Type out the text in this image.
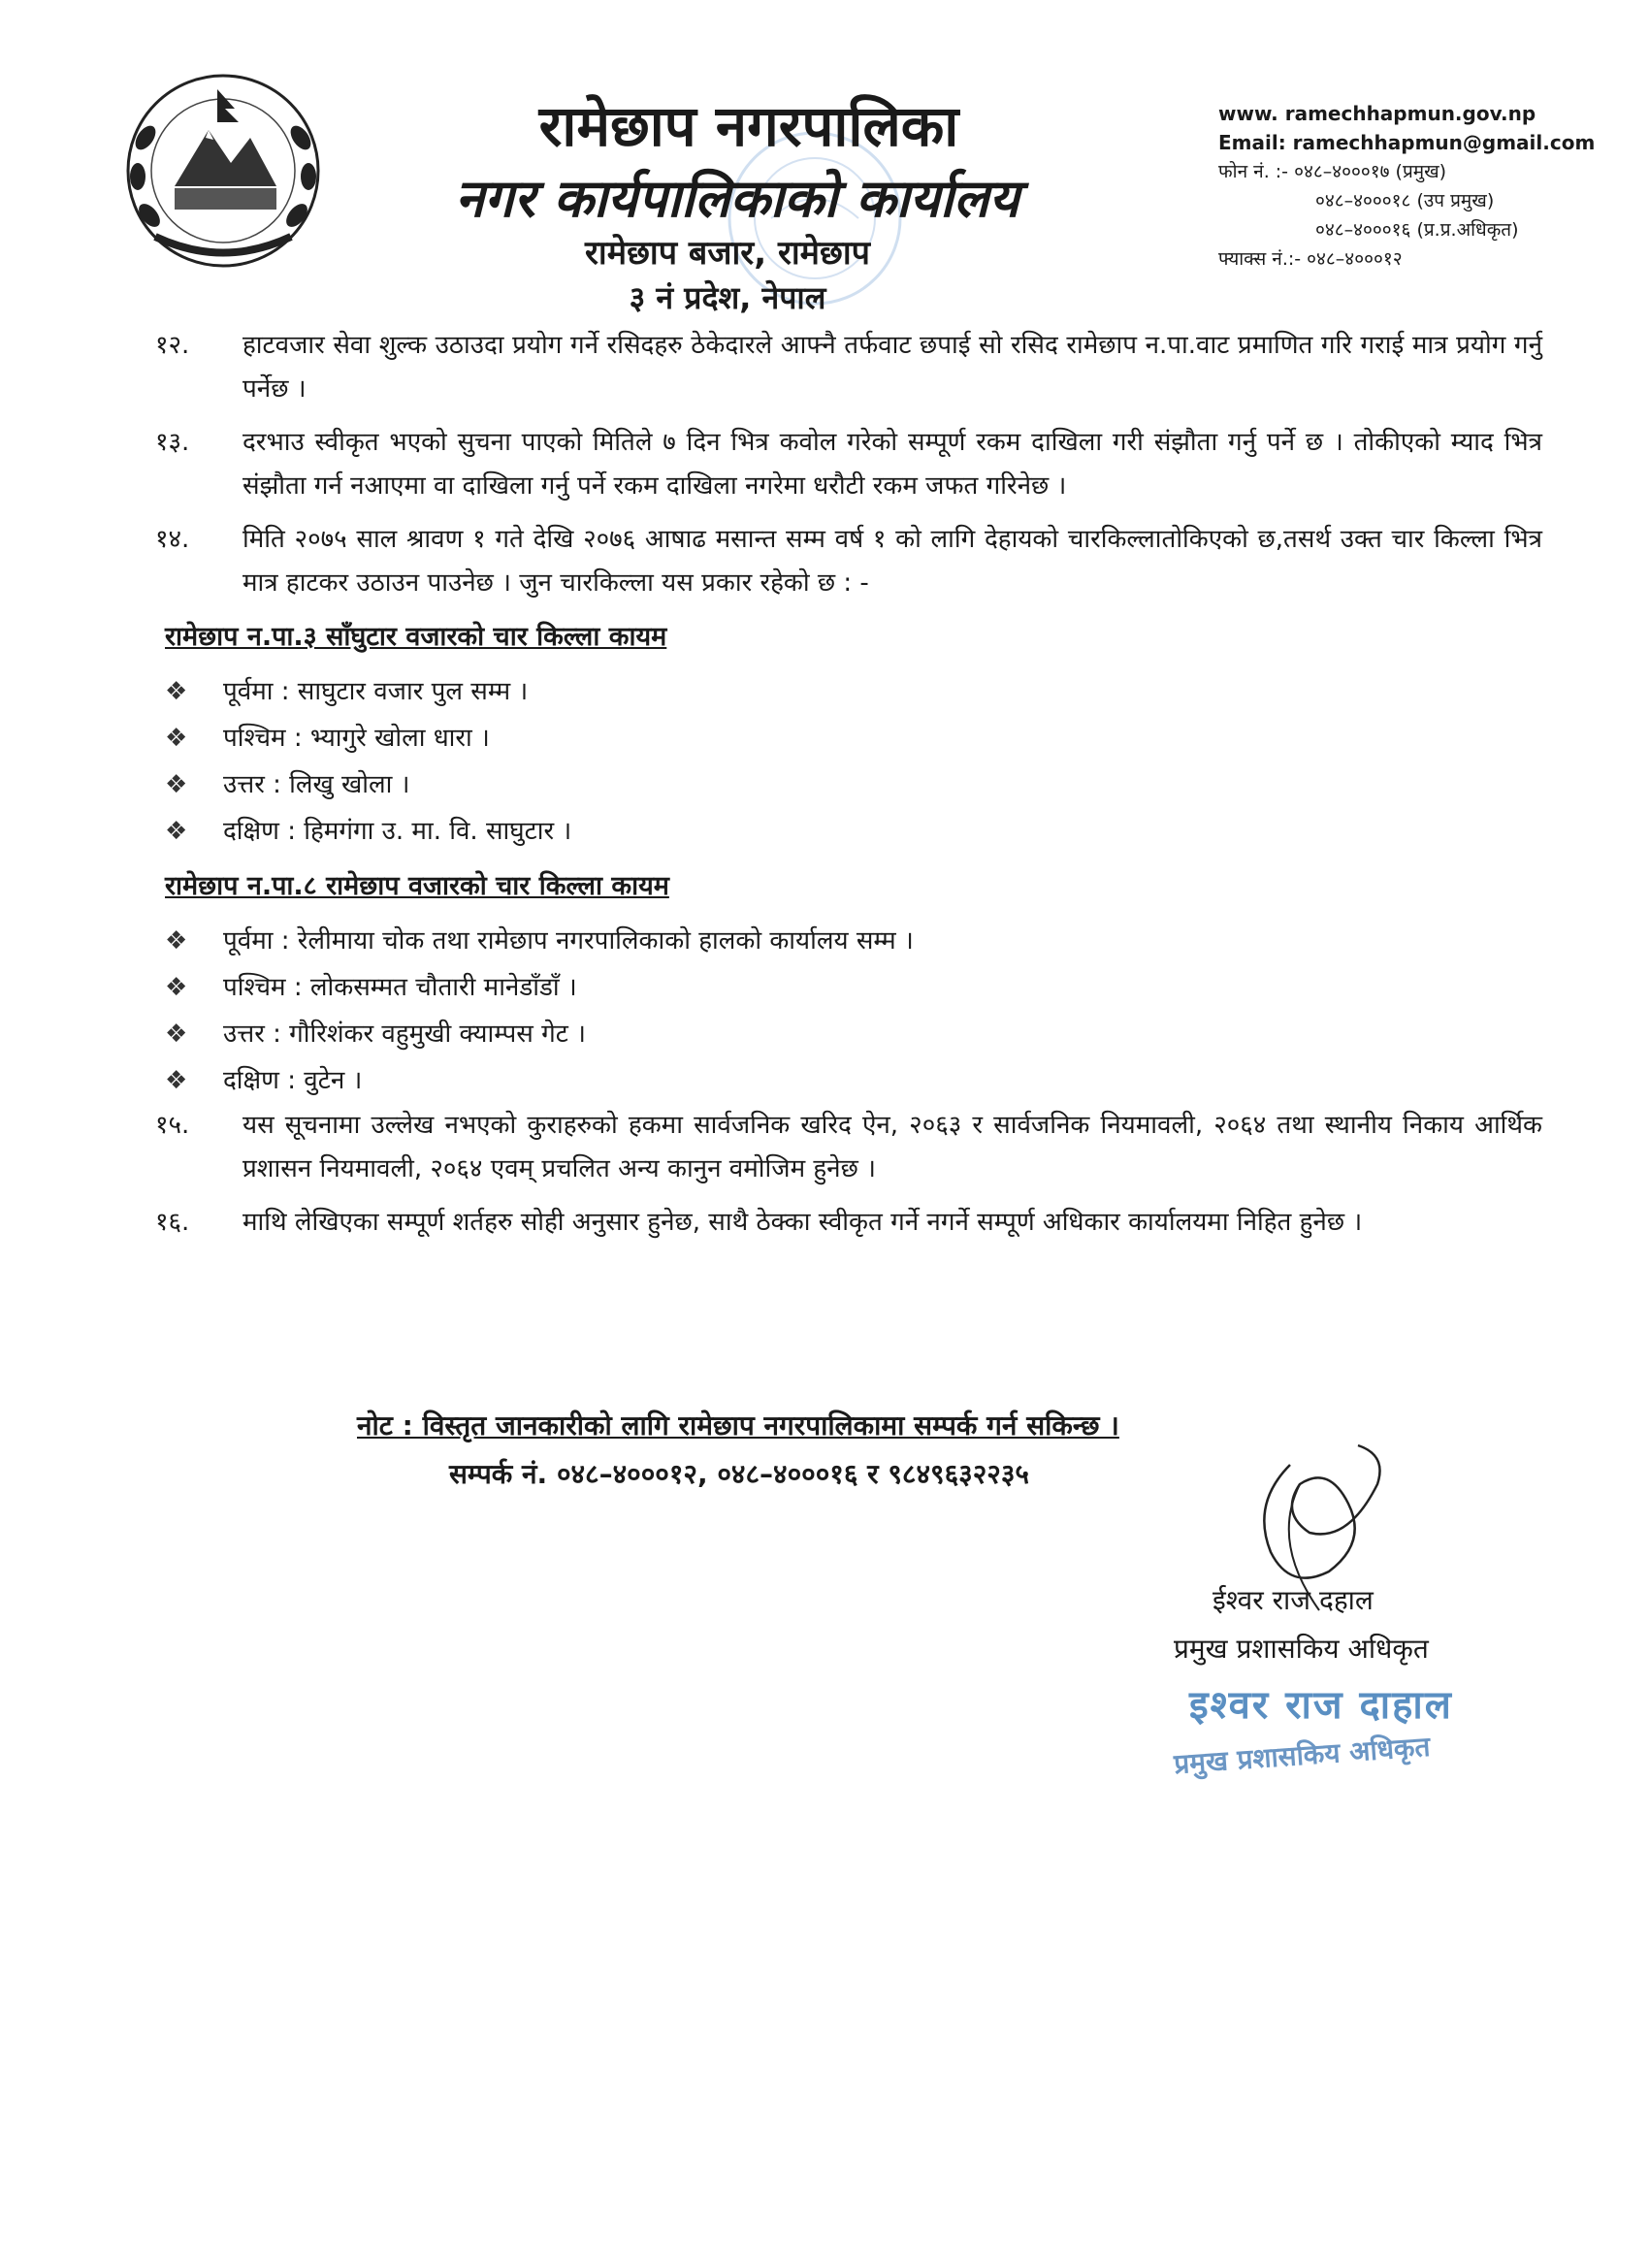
रामेछाप नगरपालिका
नगर कार्यपालिकाको कार्यालय
रामेछाप बजार, रामेछाप
३ नं प्रदेश, नेपाल
www. ramechhapmun.gov.np
Email: ramechhapmun@gmail.com
फोन नं. :- ०४८–४०००१७ (प्रमुख)
०४८–४०००१८ (उप प्रमुख)
०४८–४०००१६ (प्र.प्र.अधिकृत)
फ्याक्स नं.:- ०४८–४०००१२
१२.	हाटवजार सेवा शुल्क उठाउदा प्रयोग गर्ने रसिदहरु ठेकेदारले आफ्नै तर्फवाट छपाई सो रसिद रामेछाप न.पा.वाट प्रमाणित गरि गराई मात्र प्रयोग गर्नु पर्नेछ ।
१३.	दरभाउ स्वीकृत भएको सुचना पाएको मितिले ७ दिन भित्र कवोल गरेको सम्पूर्ण रकम दाखिला गरी संझौता गर्नु पर्ने छ । तोकीएको म्याद भित्र संझौता गर्न नआएमा वा दाखिला गर्नु पर्ने रकम दाखिला नगरेमा धरौटी रकम जफत गरिनेछ ।
१४.	मिति २०७५ साल श्रावण १ गते देखि २०७६ आषाढ मसान्त सम्म वर्ष १ को लागि देहायको चारकिल्लातोकिएको छ,तसर्थ उक्त चार किल्ला भित्र मात्र हाटकर उठाउन पाउनेछ । जुन चारकिल्ला यस प्रकार रहेको छ : -
रामेछाप न.पा.३ साँघुटार वजारको चार किल्ला कायम
❖	पूर्वमा : साघुटार वजार पुल सम्म ।
❖	पश्चिम : भ्यागुरे खोला धारा ।
❖	उत्तर : लिखु खोला ।
❖	दक्षिण : हिमगंगा उ. मा. वि. साघुटार ।
रामेछाप न.पा.८ रामेछाप वजारको चार किल्ला कायम
❖	पूर्वमा : रेलीमाया चोक तथा रामेछाप नगरपालिकाको हालको कार्यालय सम्म ।
❖	पश्चिम : लोकसम्मत चौतारी मानेडाँडाँ ।
❖	उत्तर : गौरिशंकर वहुमुखी क्याम्पस गेट ।
❖	दक्षिण : वुटेन ।
१५.	यस सूचनामा उल्लेख नभएको कुराहरुको हकमा सार्वजनिक खरिद ऐन, २०६३ र सार्वजनिक नियमावली, २०६४ तथा स्थानीय निकाय आर्थिक प्रशासन नियमावली, २०६४ एवम् प्रचलित अन्य कानुन वमोजिम हुनेछ ।
१६.	माथि लेखिएका सम्पूर्ण शर्तहरु सोही अनुसार हुनेछ, साथै ठेक्का स्वीकृत गर्ने नगर्ने सम्पूर्ण अधिकार कार्यालयमा निहित हुनेछ ।
नोट : विस्तृत जानकारीको लागि रामेछाप नगरपालिकामा सम्पर्क गर्न सकिन्छ ।
सम्पर्क नं. ०४८–४०००१२, ०४८–४०००१६ र ९८४९६३२२३५
ईश्वर राज दहाल
प्रमुख प्रशासकिय अधिकृत
इश्वर राज दाहाल
प्रमुख प्रशासकिय अधिकृत
